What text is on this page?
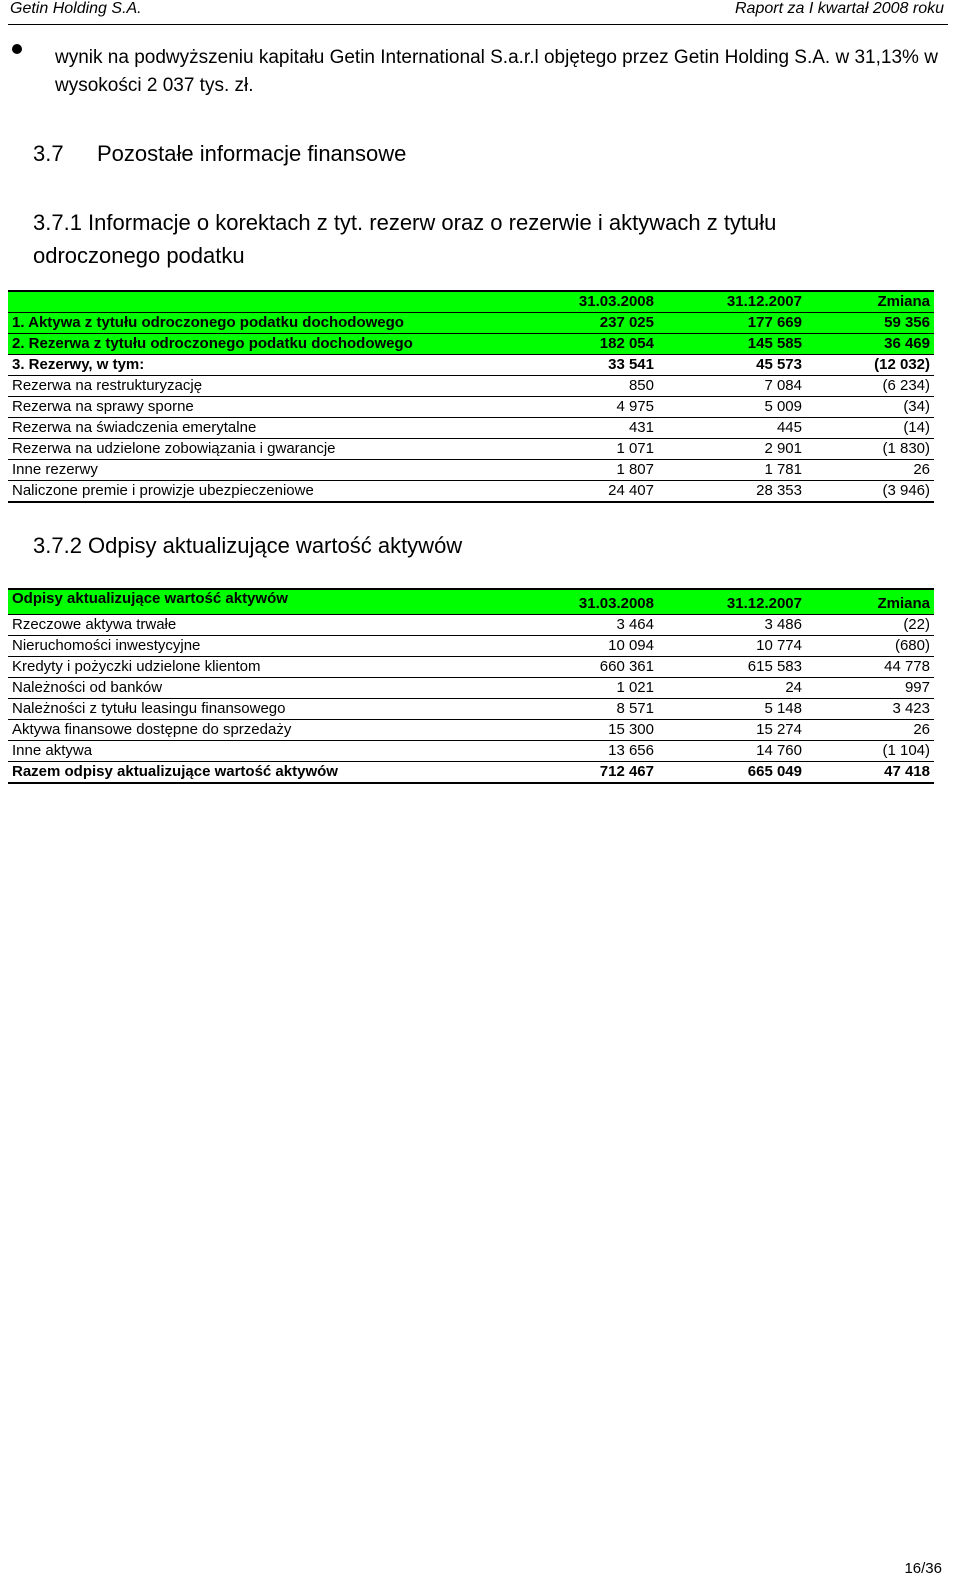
Getin Holding S.A.	Raport za I kwartał 2008 roku
wynik na podwyższeniu kapitału Getin International S.a.r.l objętego przez Getin Holding S.A. w 31,13% w wysokości 2 037 tys. zł.
3.7 Pozostałe informacje finansowe
3.7.1 Informacje o korektach z tyt. rezerw oraz o rezerwie i aktywach z tytułu odroczonego podatku
	31.03.2008	31.12.2007	Zmiana
1. Aktywa z tytułu odroczonego podatku dochodowego	237 025	177 669	59 356
2. Rezerwa z tytułu odroczonego podatku dochodowego	182 054	145 585	36 469
3. Rezerwy, w tym:	33 541	45 573	(12 032)
Rezerwa na restrukturyzację	850	7 084	(6 234)
Rezerwa na sprawy sporne	4 975	5 009	(34)
Rezerwa na świadczenia emerytalne	431	445	(14)
Rezerwa na udzielone zobowiązania i gwarancje	1 071	2 901	(1 830)
Inne rezerwy	1 807	1 781	26
Naliczone premie i prowizje ubezpieczeniowe	24 407	28 353	(3 946)
3.7.2 Odpisy aktualizujące wartość aktywów
Odpisy aktualizujące wartość aktywów	31.03.2008	31.12.2007	Zmiana
Rzeczowe aktywa trwałe	3 464	3 486	(22)
Nieruchomości inwestycyjne	10 094	10 774	(680)
Kredyty i pożyczki udzielone klientom	660 361	615 583	44 778
Należności od banków	1 021	24	997
Należności z tytułu leasingu finansowego	8 571	5 148	3 423
Aktywa finansowe dostępne do sprzedaży	15 300	15 274	26
Inne aktywa	13 656	14 760	(1 104)
Razem odpisy aktualizujące wartość aktywów	712 467	665 049	47 418
16/36
